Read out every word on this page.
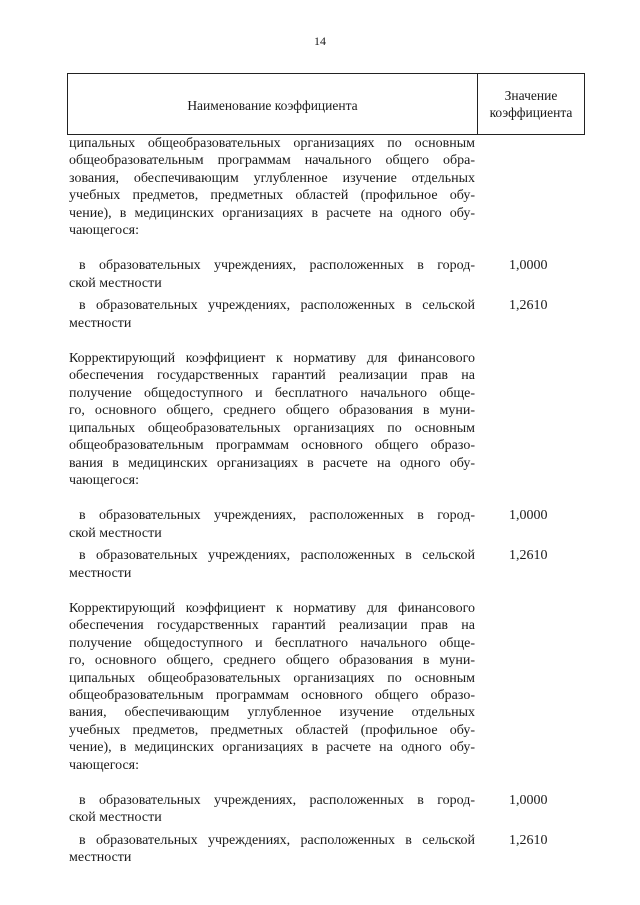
14
Наименование коэффициента
Значение
коэффициента
ципальных общеобразовательных организациях по основным
общеобразовательным программам начального общего обра-
зования, обеспечивающим углубленное изучение отдельных
учебных предметов, предметных областей (профильное обу-
чение), в медицинских организациях в расчете на одного обу-
чающегося:
в образовательных учреждениях, расположенных в город-
ской местности
1,0000
в образовательных учреждениях, расположенных в сельской
местности
1,2610
Корректирующий коэффициент к нормативу для финансового
обеспечения государственных гарантий реализации прав на
получение общедоступного и бесплатного начального обще-
го, основного общего, среднего общего образования в муни-
ципальных общеобразовательных организациях по основным
общеобразовательным программам основного общего образо-
вания в медицинских организациях в расчете на одного обу-
чающегося:
в образовательных учреждениях, расположенных в город-
ской местности
1,0000
в образовательных учреждениях, расположенных в сельской
местности
1,2610
Корректирующий коэффициент к нормативу для финансового
обеспечения государственных гарантий реализации прав на
получение общедоступного и бесплатного начального обще-
го, основного общего, среднего общего образования в муни-
ципальных общеобразовательных организациях по основным
общеобразовательным программам основного общего образо-
вания, обеспечивающим углубленное изучение отдельных
учебных предметов, предметных областей (профильное обу-
чение), в медицинских организациях в расчете на одного обу-
чающегося:
в образовательных учреждениях, расположенных в город-
ской местности
1,0000
в образовательных учреждениях, расположенных в сельской
местности
1,2610
